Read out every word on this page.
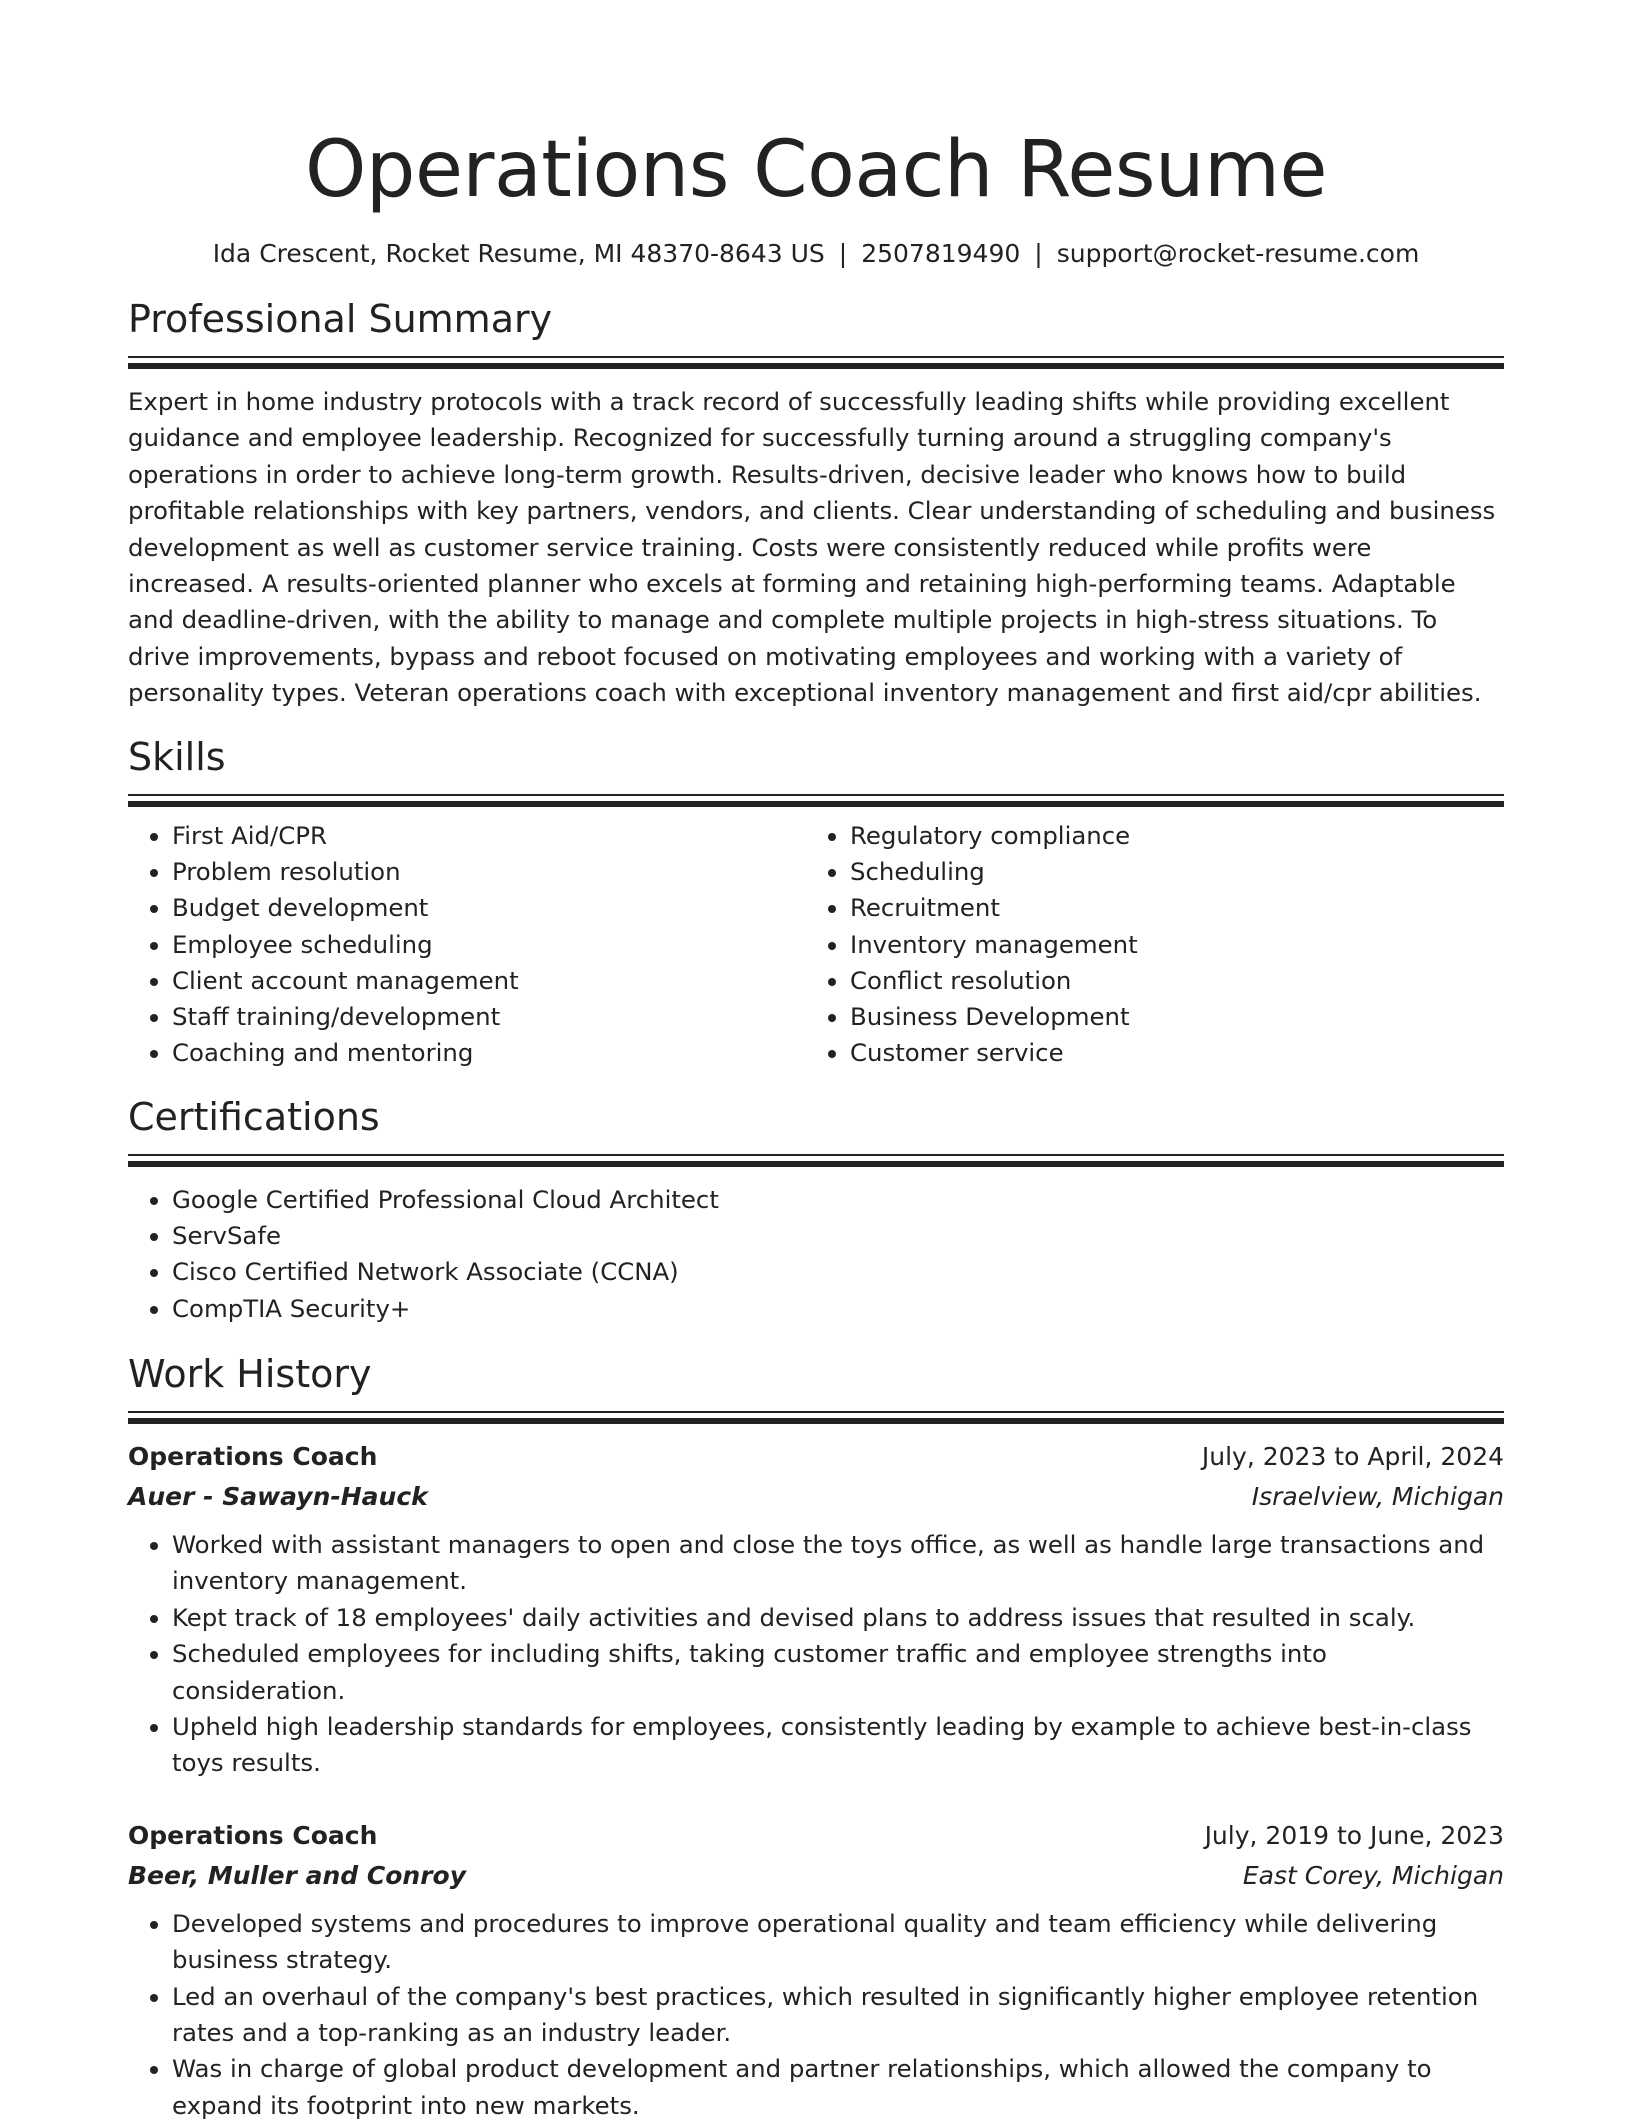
Operations Coach Resume
Ida Crescent, Rocket Resume, MI 48370-8643 US | 2507819490 | support@rocket-resume.com
Professional Summary

Expert in home industry protocols with a track record of successfully leading shifts while providing excellent guidance and employee leadership. Recognized for successfully turning around a struggling company's operations in order to achieve long-term growth. Results-driven, decisive leader who knows how to build profitable relationships with key partners, vendors, and clients. Clear understanding of scheduling and business development as well as customer service training. Costs were consistently reduced while profits were increased. A results-oriented planner who excels at forming and retaining high-performing teams. Adaptable and deadline-driven, with the ability to manage and complete multiple projects in high-stress situations. To drive improvements, bypass and reboot focused on motivating employees and working with a variety of personality types. Veteran operations coach with exceptional inventory management and first aid/cpr abilities.

Skills
• First Aid/CPR
• Problem resolution
• Budget development
• Employee scheduling
• Client account management
• Staff training/development
• Coaching and mentoring
• Regulatory compliance
• Scheduling
• Recruitment
• Inventory management
• Conflict resolution
• Business Development
• Customer service
Certifications
• Google Certified Professional Cloud Architect
• ServSafe
• Cisco Certified Network Associate (CCNA)
• CompTIA Security+
Work History
Operations Coach	July, 2023 to April, 2024
Auer - Sawayn-Hauck	Israelview, Michigan
• Worked with assistant managers to open and close the toys office, as well as handle large transactions and inventory management.
• Kept track of 18 employees' daily activities and devised plans to address issues that resulted in scaly.
• Scheduled employees for including shifts, taking customer traffic and employee strengths into consideration.
• Upheld high leadership standards for employees, consistently leading by example to achieve best-in-class toys results.
Operations Coach	July, 2019 to June, 2023
Beer, Muller and Conroy	East Corey, Michigan
• Developed systems and procedures to improve operational quality and team efficiency while delivering business strategy.
• Led an overhaul of the company's best practices, which resulted in significantly higher employee retention rates and a top-ranking as an industry leader.
• Was in charge of global product development and partner relationships, which allowed the company to expand its footprint into new markets.
